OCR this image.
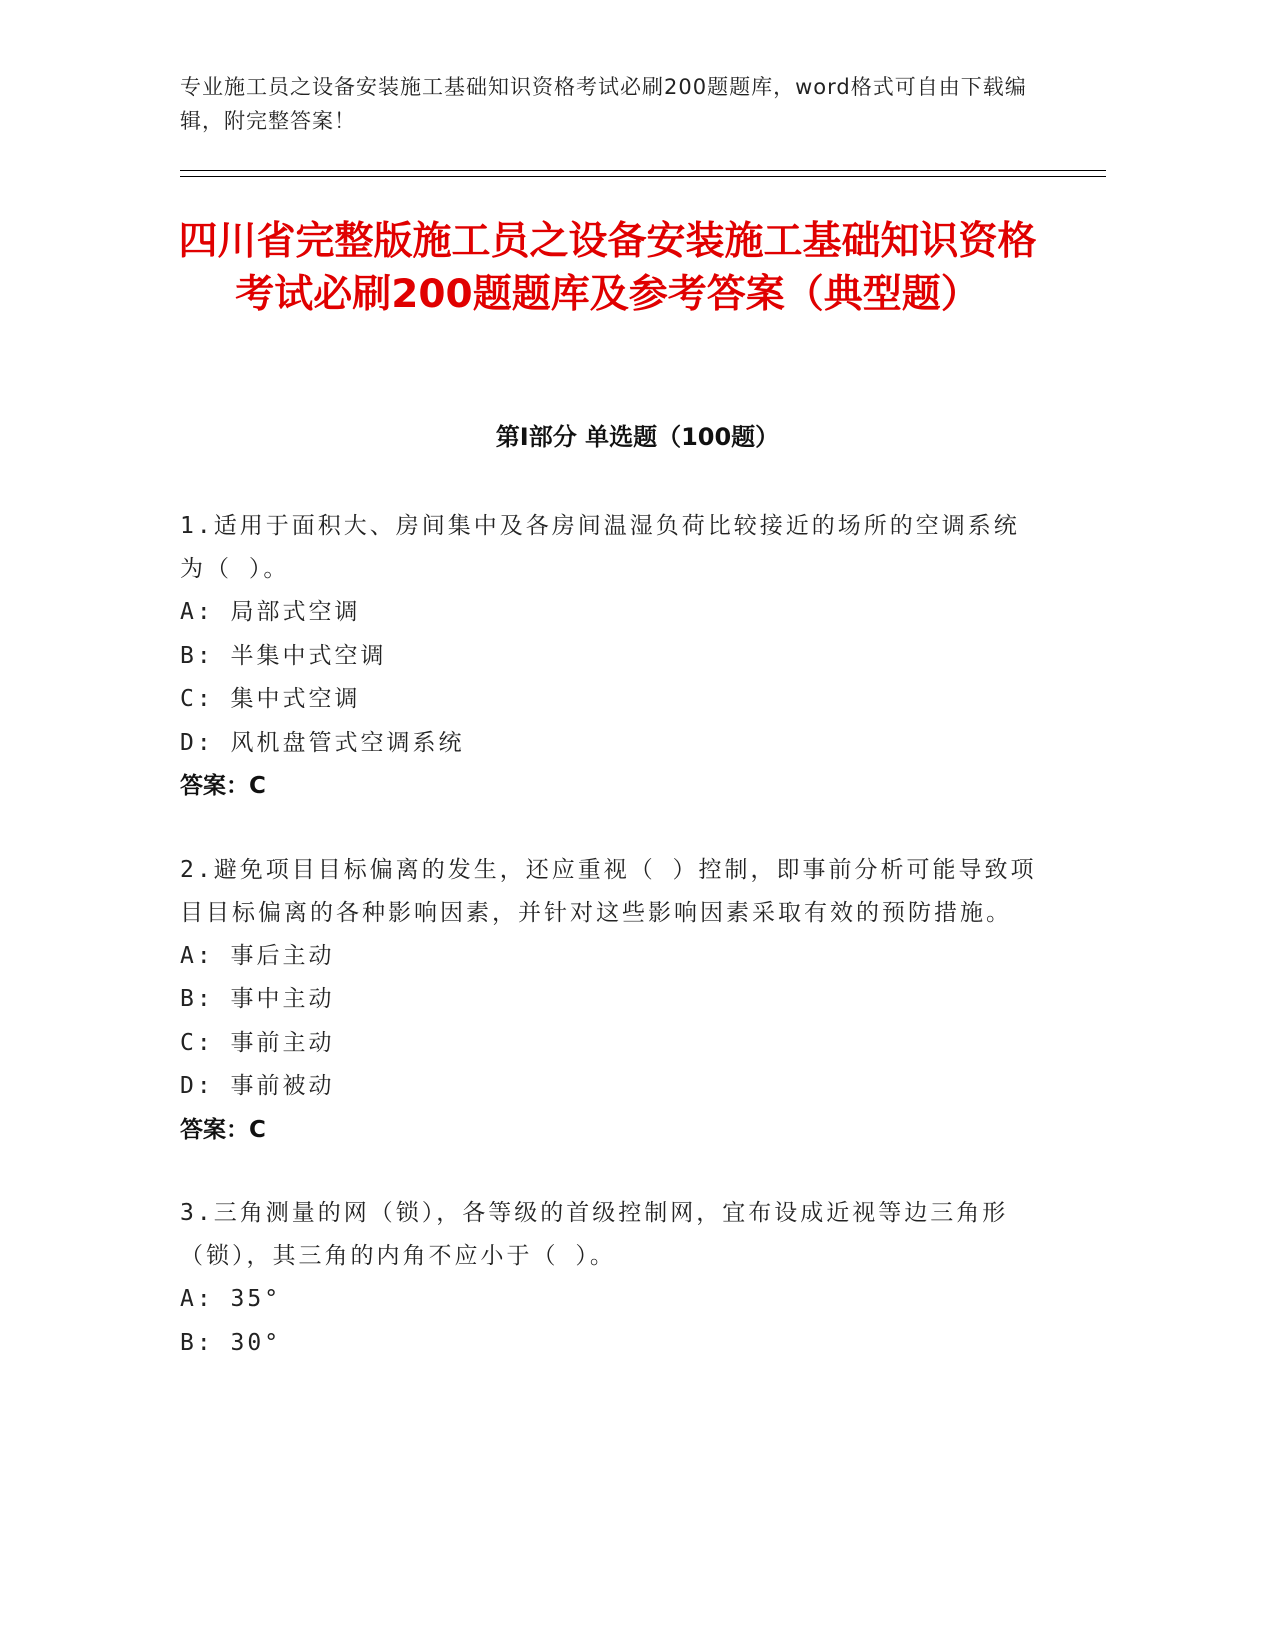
专业施工员之设备安装施工基础知识资格考试必刷200题题库，word格式可自由下载编辑，附完整答案！
四川省完整版施工员之设备安装施工基础知识资格考试必刷200题题库及参考答案（典型题）
第Ⅰ部分 单选题（100题）

1.适用于面积大、房间集中及各房间温湿负荷比较接近的场所的空调系统为（ ）。

A: 局部式空调

B: 半集中式空调

C: 集中式空调

D: 风机盘管式空调系统

答案：C

2.避免项目目标偏离的发生，还应重视（ ）控制，即事前分析可能导致项目目标偏离的各种影响因素，并针对这些影响因素采取有效的预防措施。

A: 事后主动

B: 事中主动

C: 事前主动

D: 事前被动

答案：C

3.三角测量的网（锁），各等级的首级控制网，宜布设成近视等边三角形（锁），其三角的内角不应小于（ ）。

A: 35°

B: 30°
